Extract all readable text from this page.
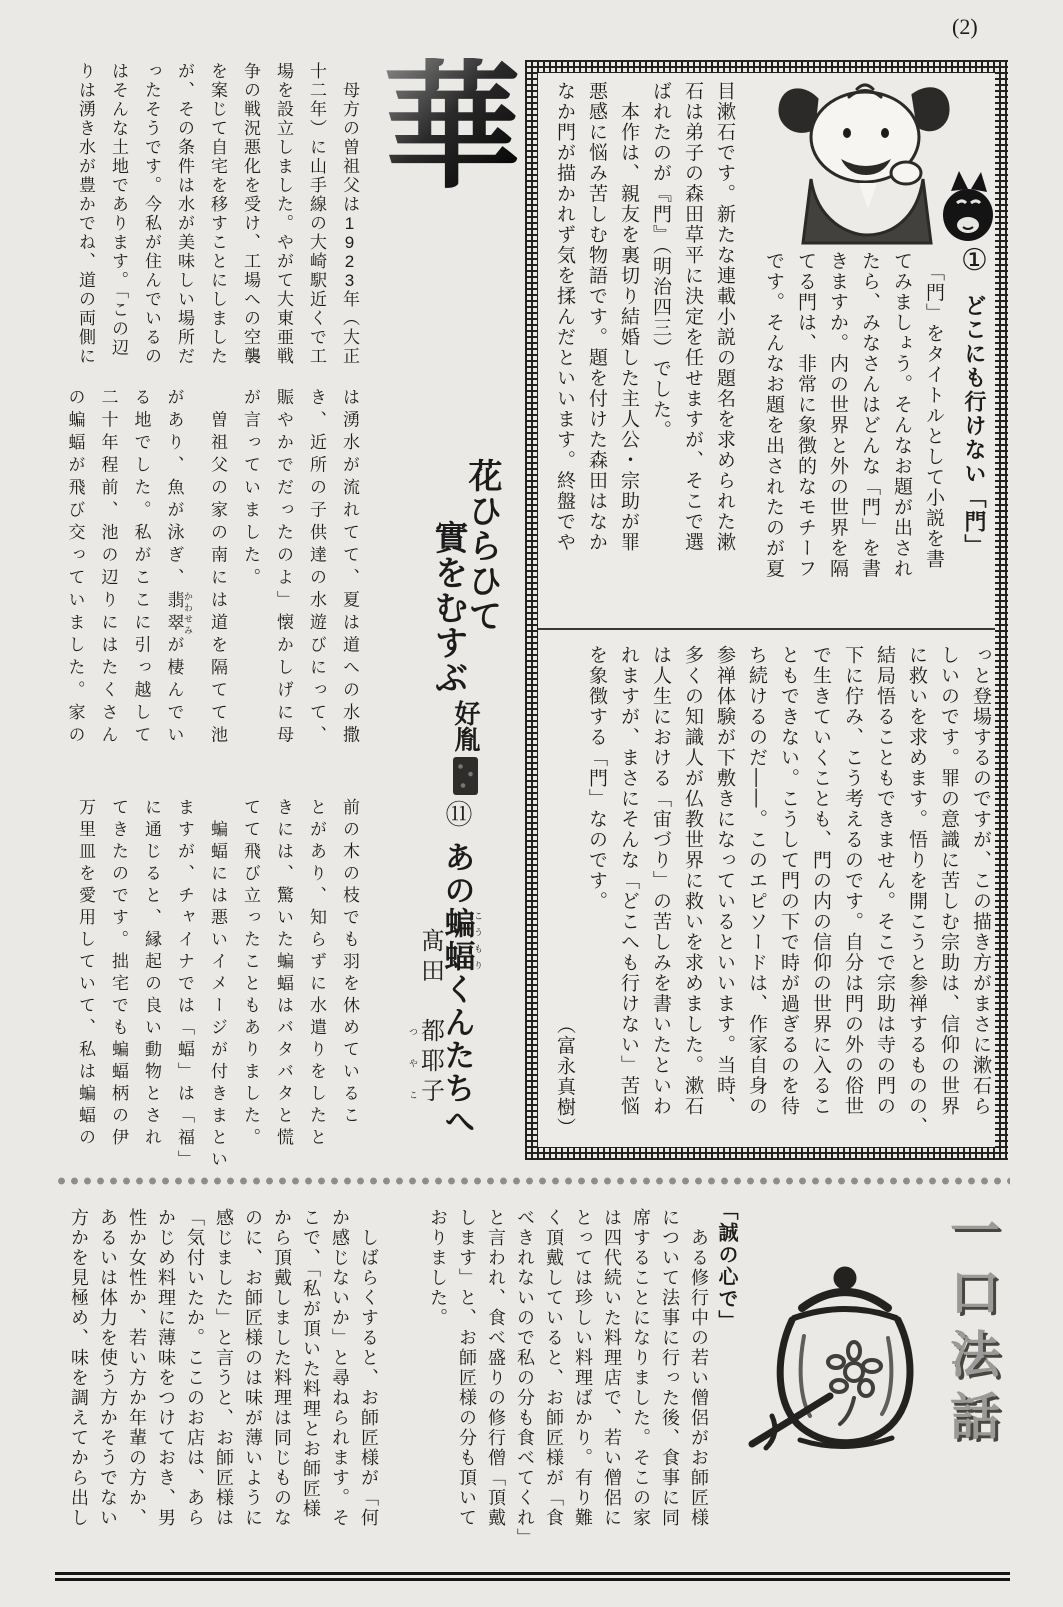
(2)
① どこにも行けない「門」
　「門」をタイトルとして小説を書
てみましょう。そんなお題が出され
たら、みなさんはどんな「門」を書
きますか。内の世界と外の世界を隔
てる門は、非常に象徴的なモチーフ
です。そんなお題を出されたのが夏
目漱石です。新たな連載小説の題名を求められた漱
石は弟子の森田草平に決定を任せますが、そこで選
ばれたのが『門』（明治四三）でした。
　本作は、親友を裏切り結婚した主人公・宗助が罪
悪感に悩み苦しむ物語です。題を付けた森田はなか
なか門が描かれず気を揉んだといいます。終盤でや
っと登場するのですが、この描き方がまさに漱石ら
しいのです。罪の意識に苦しむ宗助は、信仰の世界
に救いを求めます。悟りを開こうと参禅するものの、
結局悟ることもできません。そこで宗助は寺の門の
下に佇み、こう考えるのです。自分は門の外の俗世
で生きていくことも、門の内の信仰の世界に入るこ
ともできない。こうして門の下で時が過ぎるのを待
ち続けるのだ——。このエピソードは、作家自身の
参禅体験が下敷きになっているといいます。当時、
多くの知識人が仏教世界に救いを求めました。漱石
は人生における「宙づり」の苦しみを書いたといわ
れますが、まさにそんな「どこへも行けない」苦悩
を象徴する「門」なのです。
（富永真樹）
華
花ひらひて
實をむすぶ
好胤
⑪ あの蝙蝠こうもりくんたちへ
髙田　都耶子つやこ
　母方の曽祖父は1923年（大正
十二年）に山手線の大崎駅近くで工
場を設立しました。やがて大東亜戦
争の戦況悪化を受け、工場への空襲
を案じて自宅を移すことにしました
が、その条件は水が美味しい場所だ
ったそうです。今私が住んでいるの
はそんな土地であります。「この辺
りは湧き水が豊かでね、道の両側に
は湧水が流れてて、夏は道への水撒
き、近所の子供達の水遊びにって、
賑やかでだったのよ」懐かしげに母
が言っていました。
　曽祖父の家の南には道を隔てて池
があり、魚が泳ぎ、翡翠 かわせみが棲んでい
る地でした。私がここに引っ越して
二十年程前、池の辺りにはたくさん
の蝙蝠が飛び交っていました。家の
前の木の枝でも羽を休めているこ
とがあり、知らずに水遣りをしたと
きには、驚いた蝙蝠はバタバタと慌
てて飛び立ったこともありました。
　蝙蝠には悪いイメージが付きまとい
ますが、チャイナでは「蝠」は「福」
に通じると、縁起の良い動物とされ
てきたのです。拙宅でも蝙蝠柄の伊
万里皿を愛用していて、私は蝙蝠の
一口法話
「誠の心で」
　ある修行中の若い僧侶がお師匠様
について法事に行った後、食事に同
席することになりました。そこの家
は四代続いた料理店で、若い僧侶に
とっては珍しい料理ばかり。有り難
く頂戴していると、お師匠様が「食
べきれないので私の分も食べてくれ」
と言われ、食べ盛りの修行僧「頂戴
します」と、お師匠様の分も頂いて
おりました。
　しばらくすると、お師匠様が「何
か感じないか」と尋ねられます。そ
こで、「私が頂いた料理とお師匠様
から頂戴しました料理は同じものな
のに、お師匠様のは味が薄いように
感じました」と言うと、お師匠様は
「気付いたか。ここのお店は、あら
かじめ料理に薄味をつけておき、男
性か女性か、若い方か年輩の方か、
あるいは体力を使う方かそうでない
方かを見極め、味を調えてから出し
